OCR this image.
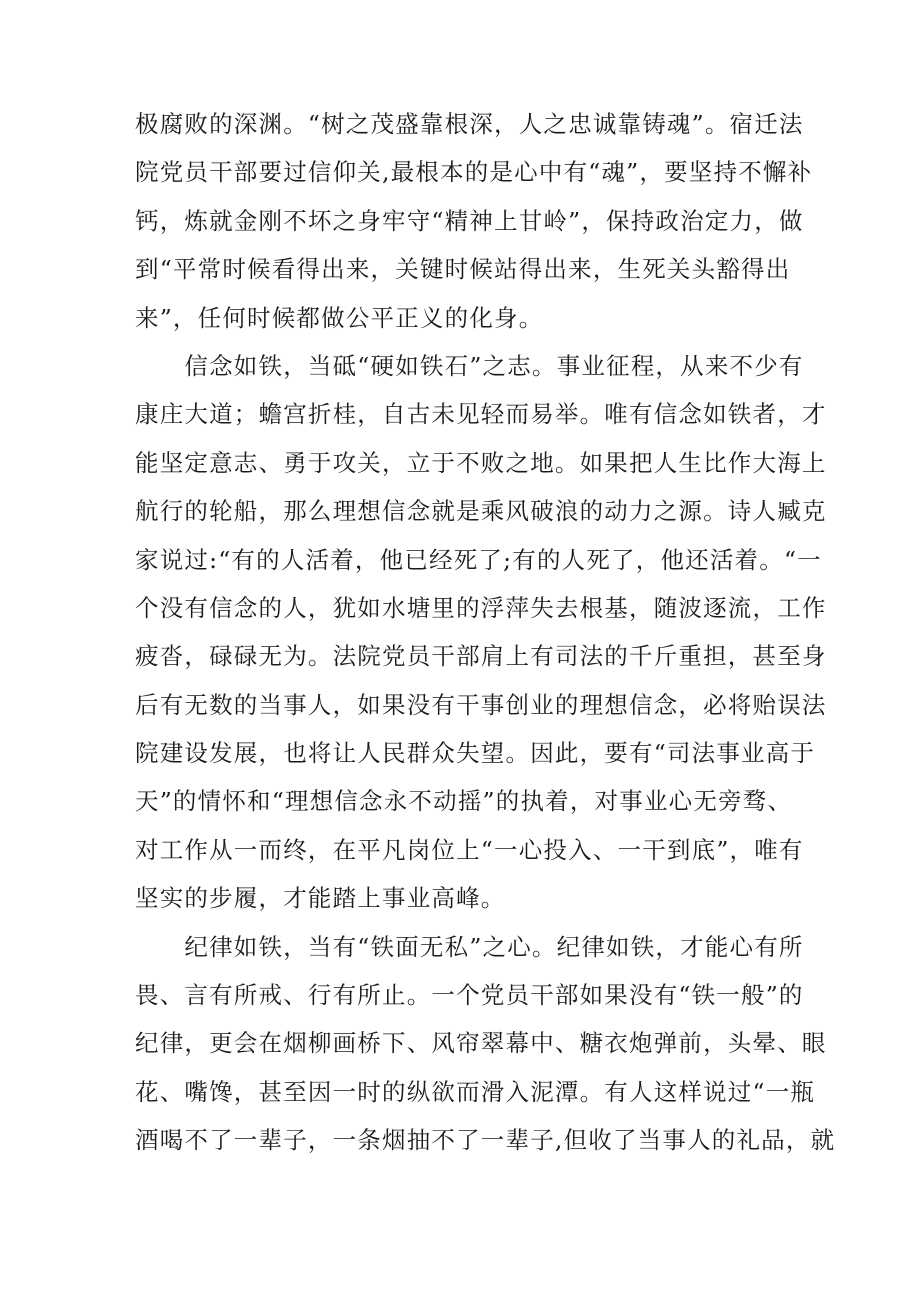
极腐败的深渊。“树之茂盛靠根深，人之忠诚靠铸魂”。宿迁法
院党员干部要过信仰关,最根本的是心中有“魂”，要坚持不懈补
钙，炼就金刚不坏之身牢守“精神上甘岭”，保持政治定力，做
到“平常时候看得出来，关键时候站得出来，生死关头豁得出
来”，任何时候都做公平正义的化身。
　　信念如铁，当砥“硬如铁石”之志。事业征程，从来不少有
康庄大道；蟾宫折桂，自古未见轻而易举。唯有信念如铁者，才
能坚定意志、勇于攻关，立于不败之地。如果把人生比作大海上
航行的轮船，那么理想信念就是乘风破浪的动力之源。诗人臧克
家说过:“有的人活着，他已经死了;有的人死了，他还活着。“一
个没有信念的人，犹如水塘里的浮萍失去根基，随波逐流，工作
疲沓，碌碌无为。法院党员干部肩上有司法的千斤重担，甚至身
后有无数的当事人，如果没有干事创业的理想信念，必将贻误法
院建设发展，也将让人民群众失望。因此，要有“司法事业高于
天”的情怀和“理想信念永不动摇”的执着，对事业心无旁骛、
对工作从一而终，在平凡岗位上“一心投入、一干到底”，唯有
坚实的步履，才能踏上事业高峰。
　　纪律如铁，当有“铁面无私”之心。纪律如铁，才能心有所
畏、言有所戒、行有所止。一个党员干部如果没有“铁一般”的
纪律，更会在烟柳画桥下、风帘翠幕中、糖衣炮弹前，头晕、眼
花、嘴馋，甚至因一时的纵欲而滑入泥潭。有人这样说过“一瓶
酒喝不了一辈子，一条烟抽不了一辈子,但收了当事人的礼品，就
